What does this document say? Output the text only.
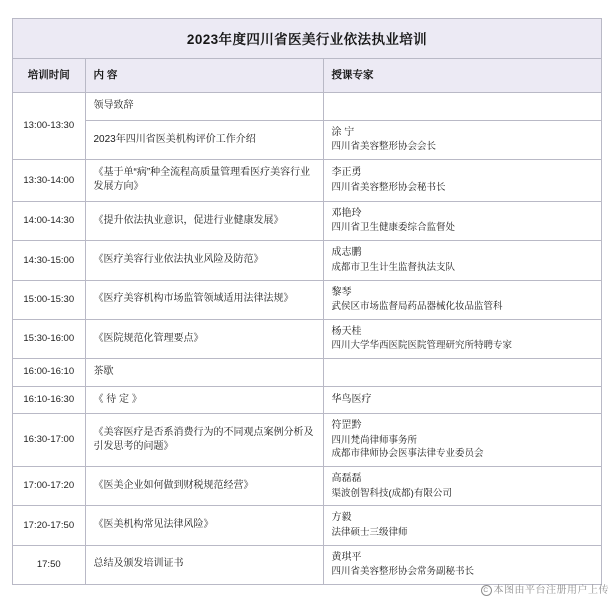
2023年度四川省医美行业依法执业培训
培训时间	内 容	授课专家
13:00-13:30	领导致辞	
	2023年四川省医美机构评价工作介绍	涂 宁
四川省美容整形协会会长

13:30-14:00	《基于单“病”种全流程高质量管理看医疗美容行业发展方向》	李正勇
四川省美容整形协会秘书长

14:00-14:30	《提升依法执业意识，促进行业健康发展》	邓艳玲
四川省卫生健康委综合监督处

14:30-15:00	《医疗美容行业依法执业风险及防范》	成志鹏
成都市卫生计生监督执法支队

15:00-15:30	《医疗美容机构市场监管领域适用法律法规》	黎琴
武侯区市场监督局药品器械化妆品监管科

15:30-16:00	《医院规范化管理要点》	杨天桂
四川大学华西医院医院管理研究所特聘专家

16:00-16:10	茶歇	
16:10-16:30	《 待 定 》	华鸟医疗

16:30-17:00	《美容医疗是否系消费行为的不同观点案例分析及引发思考的问题》	符罡黔
四川梵尚律师事务所
成都市律师协会医事法律专业委员会

17:00-17:20	《医美企业如何做到财税规范经营》	高磊磊
渠波创智科技(成都)有限公司

17:20-17:50	《医美机构常见法律风险》	方毅
法律硕士三级律师

17:50	总结及颁发培训证书	黄琪平
四川省美容整形协会常务副秘书长
C 本图由平台注册用户上传
